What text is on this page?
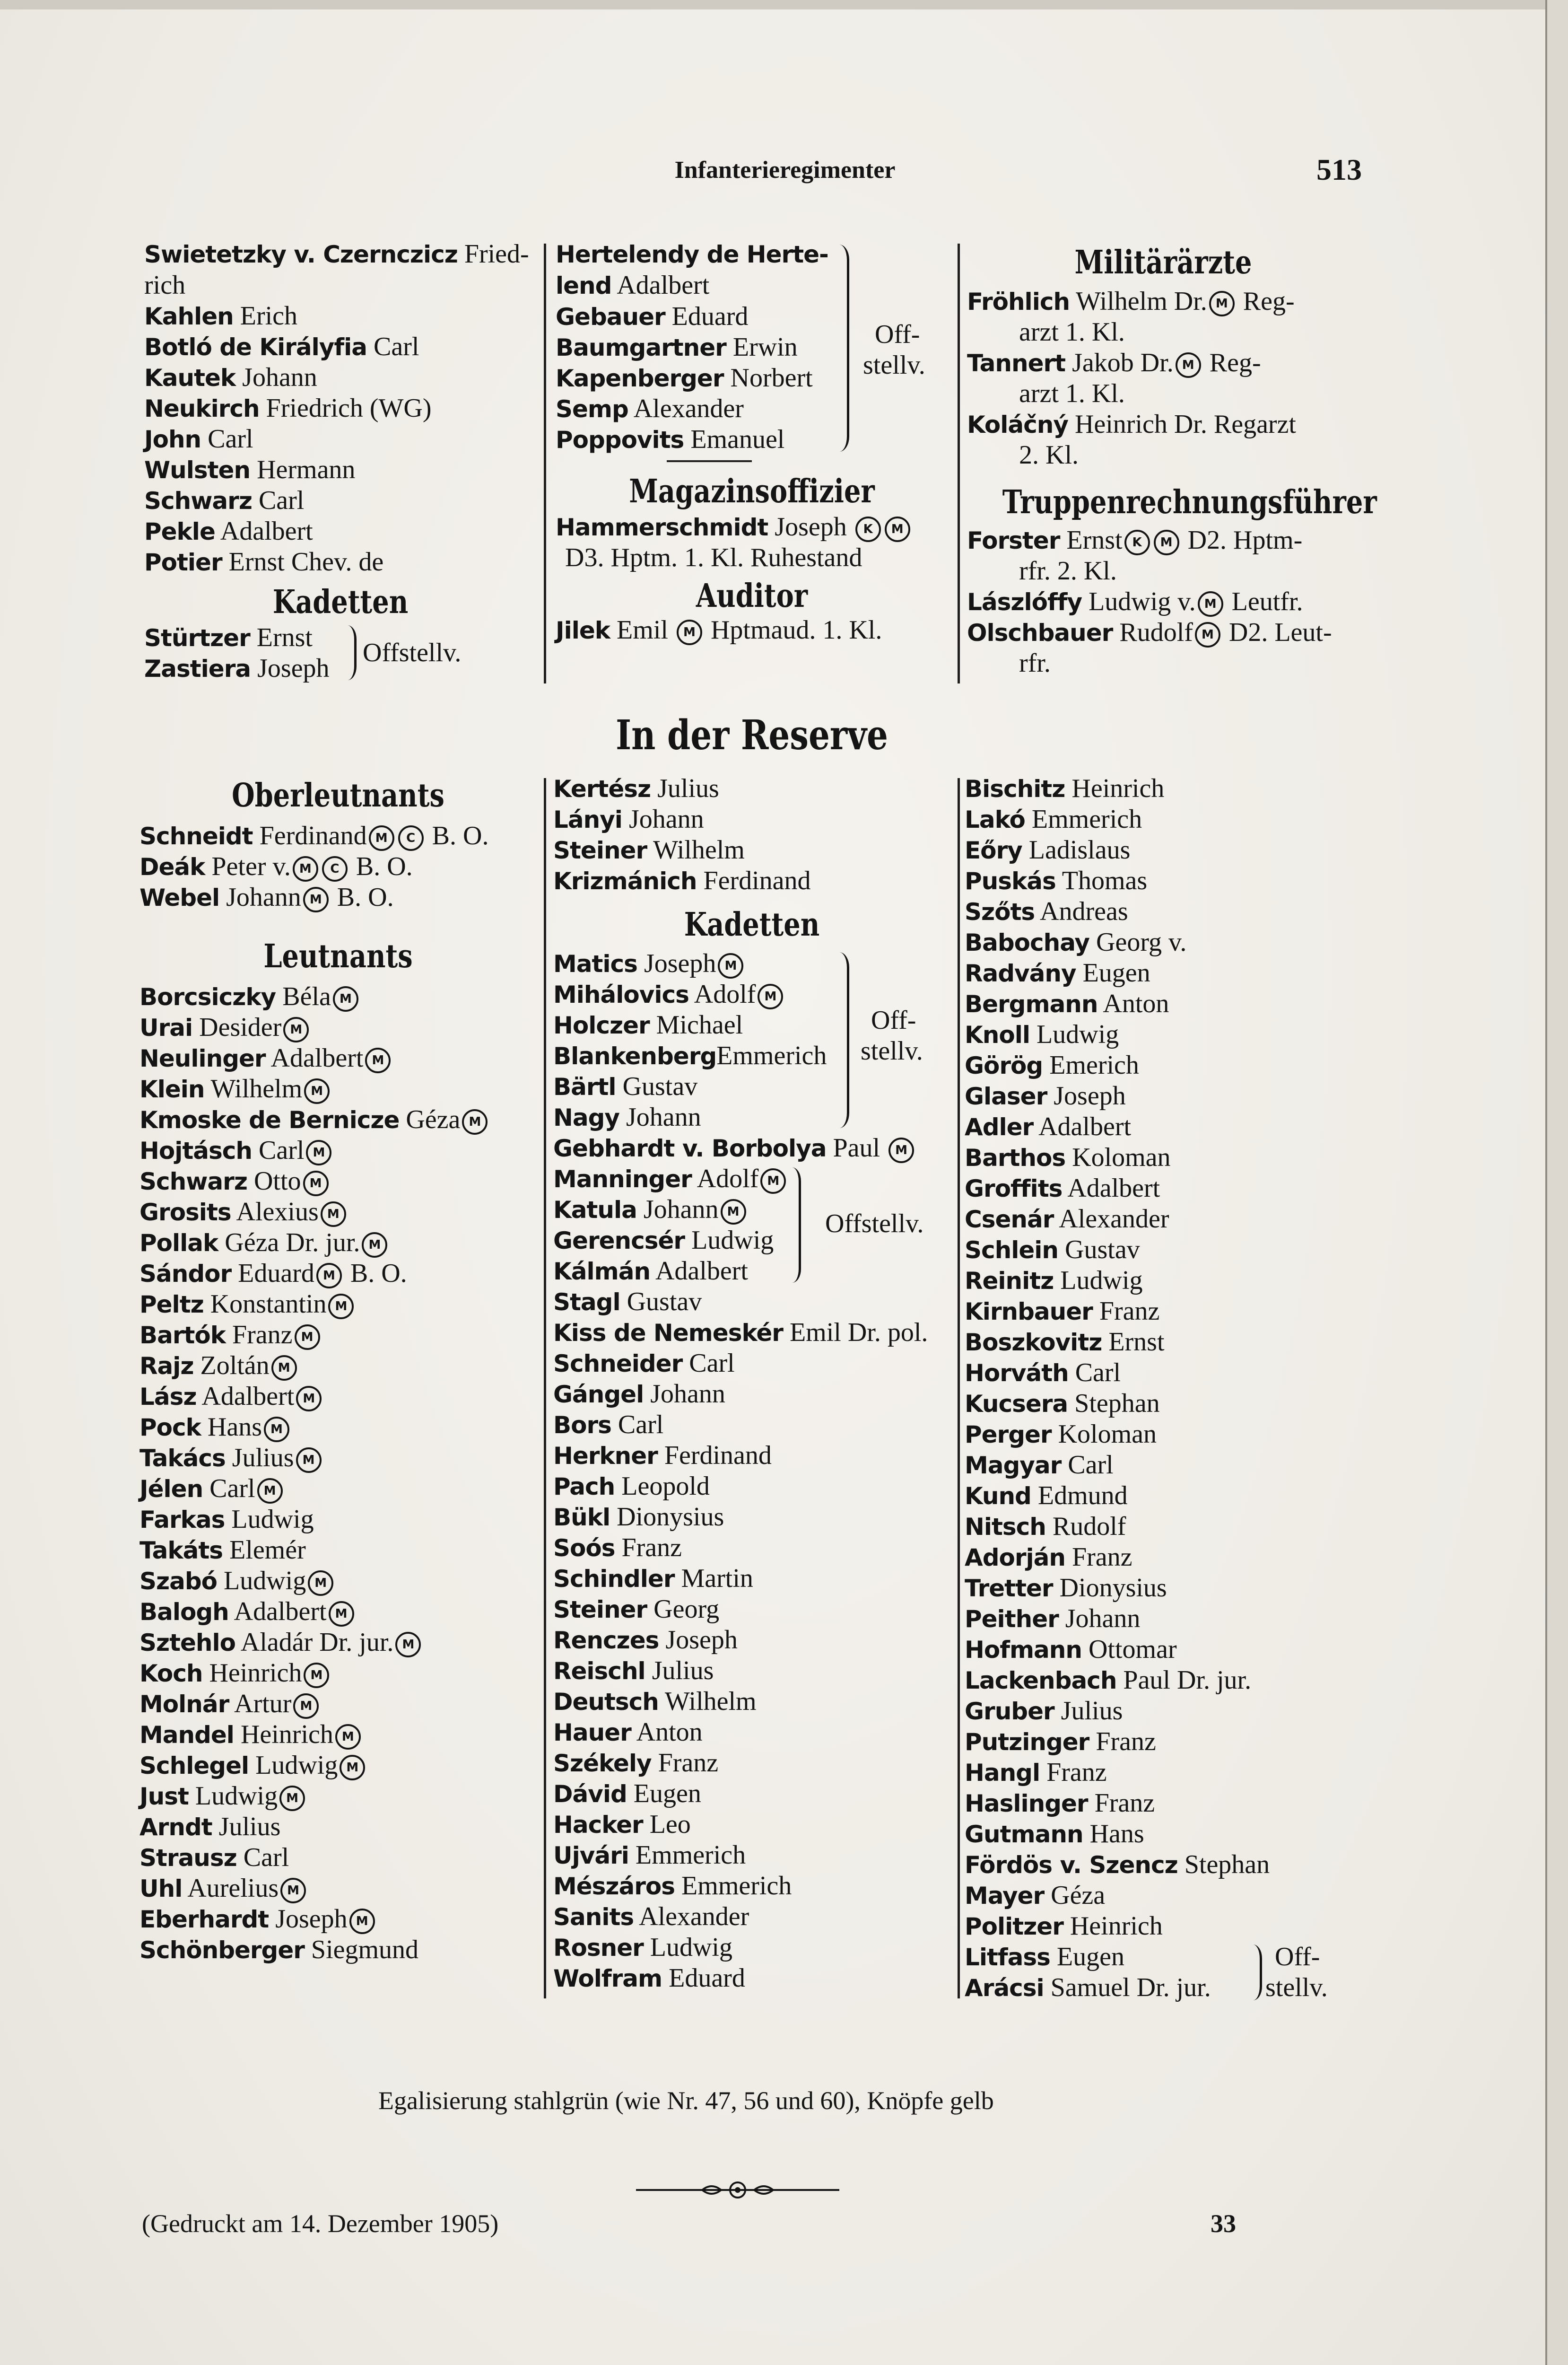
Infanterieregimenter	513
Swietetzky v. Czernczicz Fried-rich
Kahlen Erich
Botló de Királyfia Carl
Kautek Johann
Neukirch Friedrich (WG)
John Carl
Wulsten Hermann
Schwarz Carl
Pekle Adalbert
Potier Ernst Chev. de
Kadetten
Stürtzer Ernst
Zastiera Joseph
Offstellv.
Hertelendy de Herte-lend Adalbert
Gebauer Eduard
Baumgartner Erwin
Kapenberger Norbert
Semp Alexander
Poppovits Emanuel
Off-
stellv.
Magazinsoffizier
Hammerschmidt Joseph K M
D3. Hptm. 1. Kl. Ruhestand
Auditor
Jilek Emil M Hptmaud. 1. Kl.
Militärärzte
Fröhlich Wilhelm Dr. M Reg-
arzt 1. Kl.
Tannert Jakob Dr. M Reg-
arzt 1. Kl.
Koláčný Heinrich Dr. Regarzt
2. Kl.
Truppenrechnungsführer
Forster Ernst K M D2. Hptm-
rfr. 2. Kl.
Lászlóffy Ludwig v. M Leutfr.
Olschbauer Rudolf M D2. Leut-
rfr.
In der Reserve
Oberleutnants
Schneidt Ferdinand M C B. O.
Deák Peter v. M C B. O.
Webel Johann M B. O.
Leutnants
Borcsiczky Béla M
Urai Desider M
Neulinger Adalbert M
Klein Wilhelm M
Kmoske de Bernicze Géza M
Hojtásch Carl M
Schwarz Otto M
Grosits Alexius M
Pollak Géza Dr. jur. M
Sándor Eduard M B. O.
Peltz Konstantin M
Bartók Franz M
Rajz Zoltán M
Lász Adalbert M
Pock Hans M
Takács Julius M
Jélen Carl M
Farkas Ludwig
Takáts Elemér
Szabó Ludwig M
Balogh Adalbert M
Sztehlo Aladár Dr. jur. M
Koch Heinrich M
Molnár Artur M
Mandel Heinrich M
Schlegel Ludwig M
Just Ludwig M
Arndt Julius
Strausz Carl
Uhl Aurelius M
Eberhardt Joseph M
Schönberger Siegmund
Kertész Julius
Lányi Johann
Steiner Wilhelm
Krizmánich Ferdinand
Kadetten
Matics Joseph M
Mihálovics Adolf M
Holczer Michael
BlankenbergEmmerich
Bärtl Gustav
Nagy Johann
Off-
stellv.
Gebhardt v. Borbolya Paul M
Manninger Adolf M
Katula Johann M
Gerencsér Ludwig
Kálmán Adalbert
Offstellv.
Stagl Gustav
Kiss de Nemeskér Emil Dr. pol.
Schneider Carl
Gángel Johann
Bors Carl
Herkner Ferdinand
Pach Leopold
Bükl Dionysius
Soós Franz
Schindler Martin
Steiner Georg
Renczes Joseph
Reischl Julius
Deutsch Wilhelm
Hauer Anton
Székely Franz
Dávid Eugen
Hacker Leo
Ujvári Emmerich
Mészáros Emmerich
Sanits Alexander
Rosner Ludwig
Wolfram Eduard
Bischitz Heinrich
Lakó Emmerich
Eőry Ladislaus
Puskás Thomas
Szőts Andreas
Babochay Georg v.
Radvány Eugen
Bergmann Anton
Knoll Ludwig
Görög Emerich
Glaser Joseph
Adler Adalbert
Barthos Koloman
Groffits Adalbert
Csenár Alexander
Schlein Gustav
Reinitz Ludwig
Kirnbauer Franz
Boszkovitz Ernst
Horváth Carl
Kucsera Stephan
Perger Koloman
Magyar Carl
Kund Edmund
Nitsch Rudolf
Adorján Franz
Tretter Dionysius
Peither Johann
Hofmann Ottomar
Lackenbach Paul Dr. jur.
Gruber Julius
Putzinger Franz
Hangl Franz
Haslinger Franz
Gutmann Hans
Fördös v. Szencz Stephan
Mayer Géza
Politzer Heinrich
Litfass Eugen
Arácsi Samuel Dr. jur.
Off-
stellv.
Egalisierung stahlgrün (wie Nr. 47, 56 und 60), Knöpfe gelb
(Gedruckt am 14. Dezember 1905)	33
